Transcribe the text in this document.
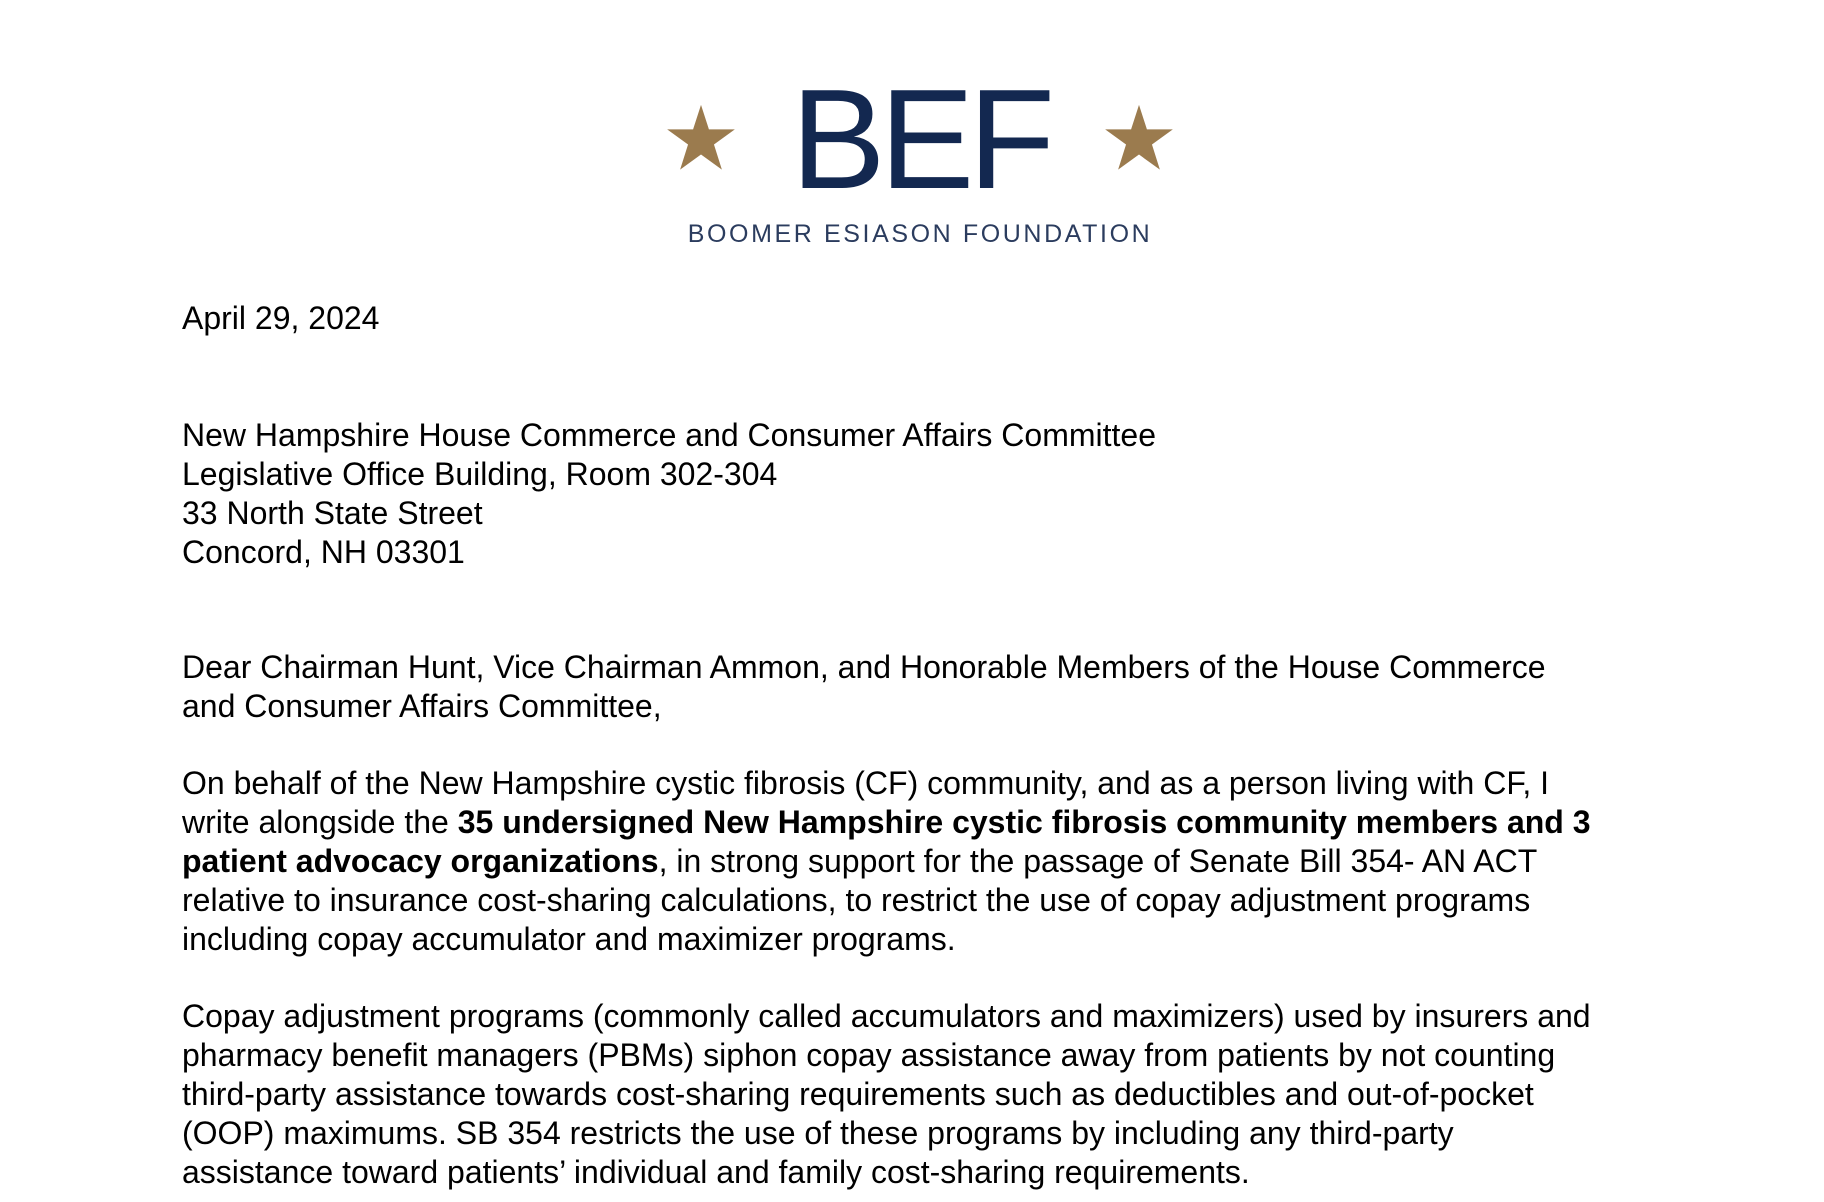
BEF
BOOMER ESIASON FOUNDATION
April 29, 2024
New Hampshire House Commerce and Consumer Affairs Committee
Legislative Office Building, Room 302-304
33 North State Street
Concord, NH 03301
Dear Chairman Hunt, Vice Chairman Ammon, and Honorable Members of the House Commerce
and Consumer Affairs Committee,
On behalf of the New Hampshire cystic fibrosis (CF) community, and as a person living with CF, I
write alongside the 35 undersigned New Hampshire cystic fibrosis community members and 3
patient advocacy organizations, in strong support for the passage of Senate Bill 354- AN ACT
relative to insurance cost-sharing calculations, to restrict the use of copay adjustment programs
including copay accumulator and maximizer programs.
Copay adjustment programs (commonly called accumulators and maximizers) used by insurers and
pharmacy benefit managers (PBMs) siphon copay assistance away from patients by not counting
third-party assistance towards cost-sharing requirements such as deductibles and out-of-pocket
(OOP) maximums. SB 354 restricts the use of these programs by including any third-party
assistance toward patients’ individual and family cost-sharing requirements.
